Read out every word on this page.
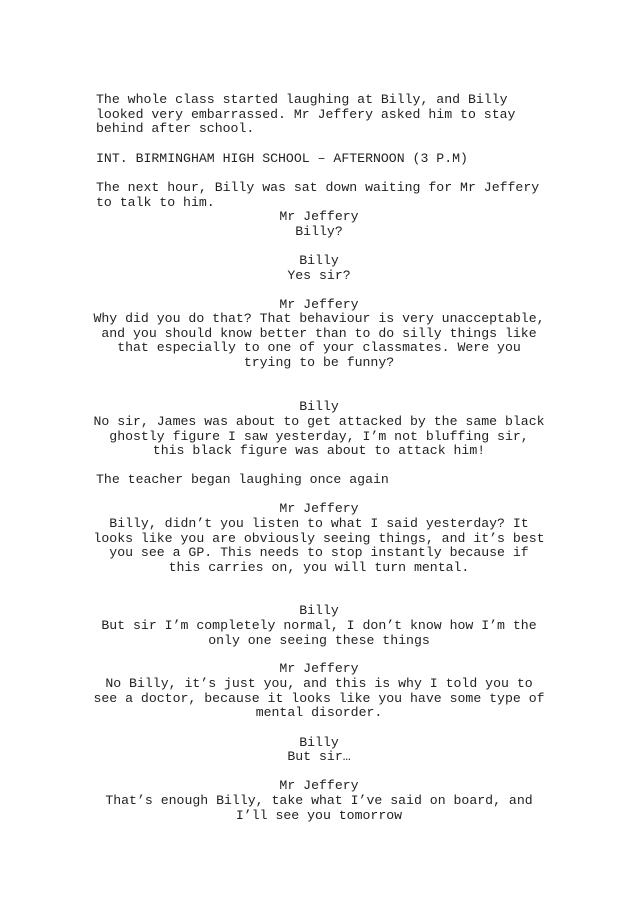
The whole class started laughing at Billy, and Billy
looked very embarrassed. Mr Jeffery asked him to stay
behind after school.
INT. BIRMINGHAM HIGH SCHOOL – AFTERNOON (3 P.M)
The next hour, Billy was sat down waiting for Mr Jeffery
to talk to him.
Mr Jeffery
Billy?
Billy
Yes sir?
Mr Jeffery
Why did you do that? That behaviour is very unacceptable,
and you should know better than to do silly things like
that especially to one of your classmates. Were you
trying to be funny?
Billy
No sir, James was about to get attacked by the same black
ghostly figure I saw yesterday, I’m not bluffing sir,
this black figure was about to attack him!
The teacher began laughing once again
Mr Jeffery
Billy, didn’t you listen to what I said yesterday? It
looks like you are obviously seeing things, and it’s best
you see a GP. This needs to stop instantly because if
this carries on, you will turn mental.
Billy
But sir I’m completely normal, I don’t know how I’m the
only one seeing these things
Mr Jeffery
No Billy, it’s just you, and this is why I told you to
see a doctor, because it looks like you have some type of
mental disorder.
Billy
But sir…
Mr Jeffery
That’s enough Billy, take what I’ve said on board, and
I’ll see you tomorrow
